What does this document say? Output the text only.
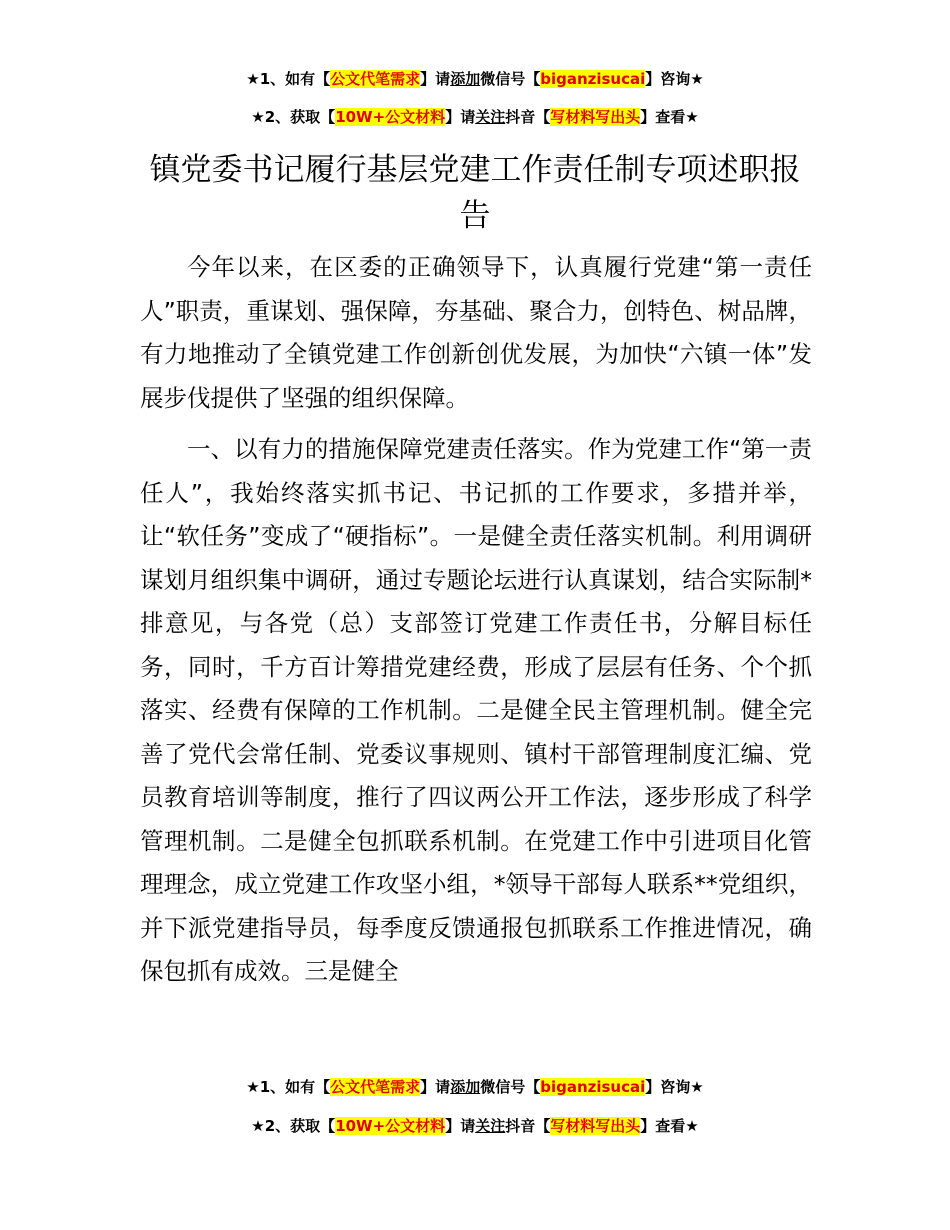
★1、如有【公文代笔需求】请添加微信号【biganzisucai】咨询★
★2、获取【10W+公文材料】请关注抖音【写材料写出头】查看★
镇党委书记履行基层党建工作责任制专项述职报告

今年以来，在区委的正确领导下，认真履行党建“第一责任人”职责，重谋划、强保障，夯基础、聚合力，创特色、树品牌，有力地推动了全镇党建工作创新创优发展，为加快“六镇一体”发展步伐提供了坚强的组织保障。

一、以有力的措施保障党建责任落实。作为党建工作“第一责任人”，我始终落实抓书记、书记抓的工作要求，多措并举，让“软任务”变成了“硬指标”。一是健全责任落实机制。利用调研谋划月组织集中调研，通过专题论坛进行认真谋划，结合实际制*排意见，与各党（总）支部签订党建工作责任书，分解目标任务，同时，千方百计筹措党建经费，形成了层层有任务、个个抓落实、经费有保障的工作机制。二是健全民主管理机制。健全完善了党代会常任制、党委议事规则、镇村干部管理制度汇编、党员教育培训等制度，推行了四议两公开工作法，逐步形成了科学管理机制。二是健全包抓联系机制。在党建工作中引进项目化管理理念，成立党建工作攻坚小组，*领导干部每人联系**党组织，并下派党建指导员，每季度反馈通报包抓联系工作推进情况，确保包抓有成效。三是健全

★1、如有【公文代笔需求】请添加微信号【biganzisucai】咨询★
★2、获取【10W+公文材料】请关注抖音【写材料写出头】查看★
